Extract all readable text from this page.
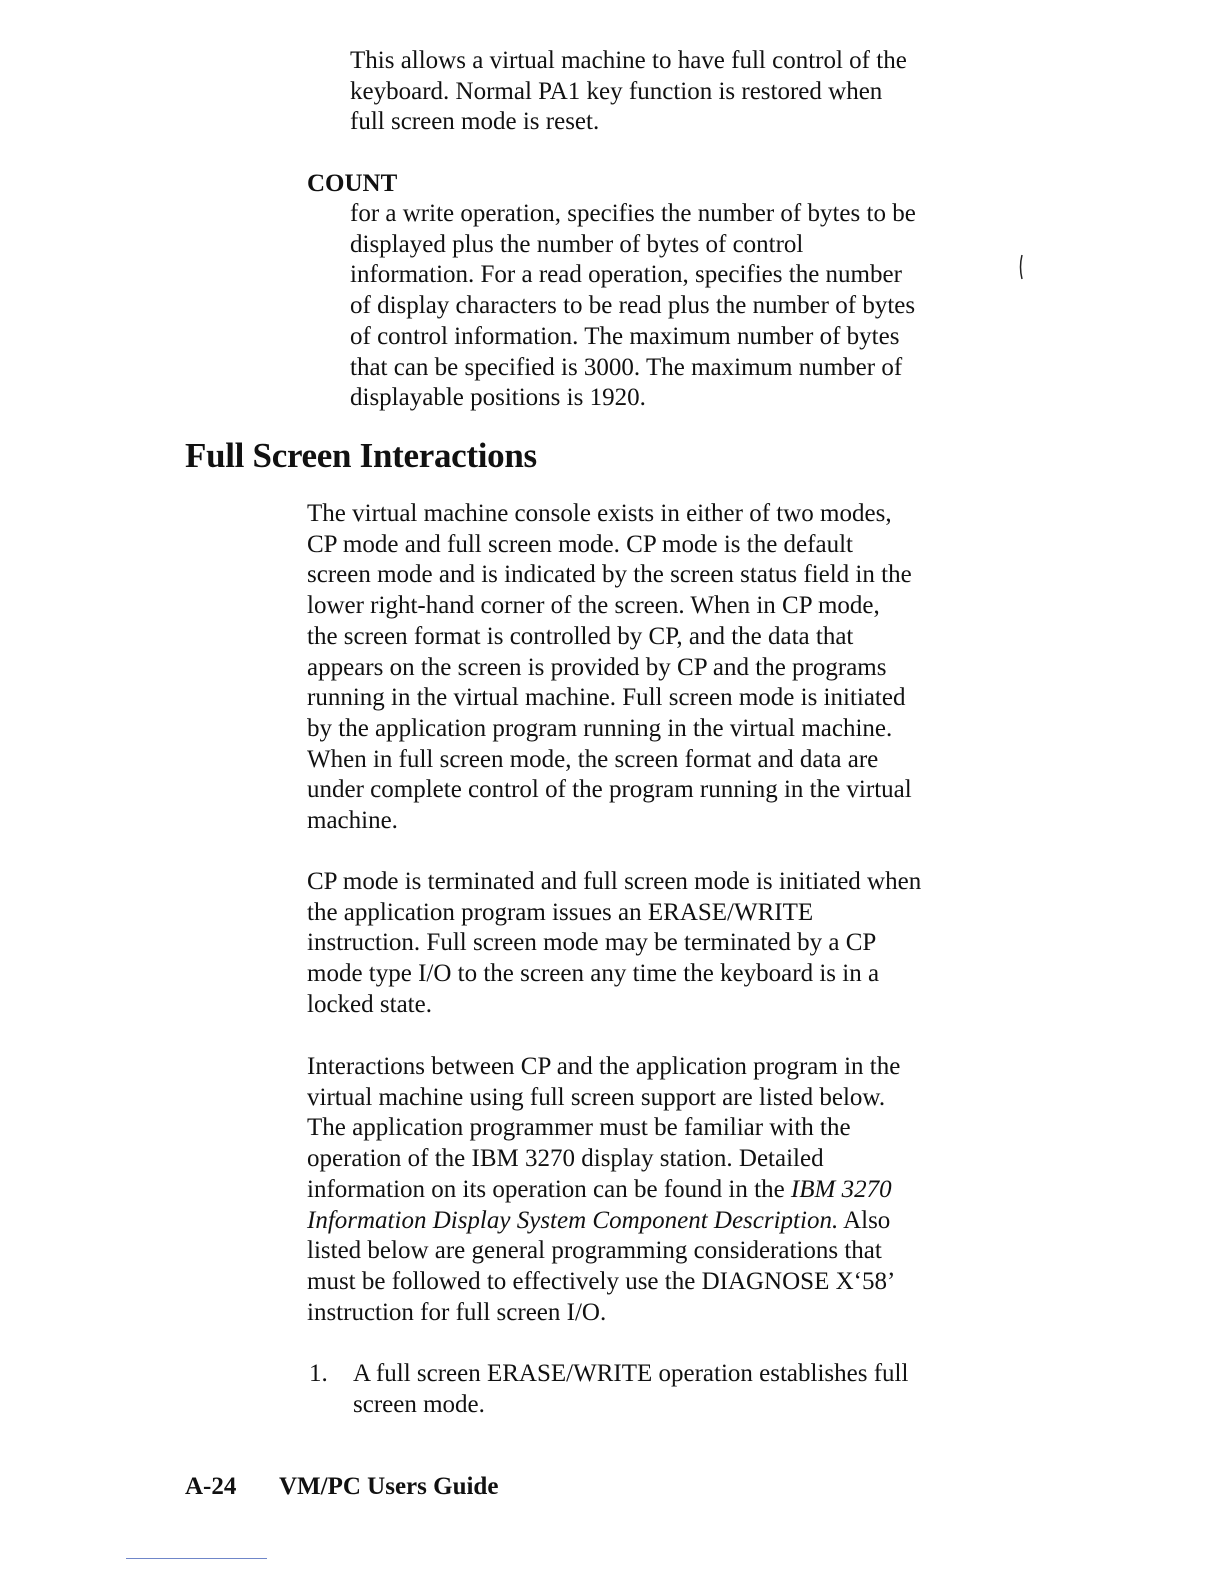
This allows a virtual machine to have full control of the
keyboard. Normal PA1 key function is restored when
full screen mode is reset.

COUNT

for a write operation, specifies the number of bytes to be
displayed plus the number of bytes of control
information. For a read operation, specifies the number
of display characters to be read plus the number of bytes
of control information. The maximum number of bytes
that can be specified is 3000. The maximum number of
displayable positions is 1920.

Full Screen Interactions

The virtual machine console exists in either of two modes,
CP mode and full screen mode. CP mode is the default
screen mode and is indicated by the screen status field in the
lower right-hand corner of the screen. When in CP mode,
the screen format is controlled by CP, and the data that
appears on the screen is provided by CP and the programs
running in the virtual machine. Full screen mode is initiated
by the application program running in the virtual machine.
When in full screen mode, the screen format and data are
under complete control of the program running in the virtual
machine.

CP mode is terminated and full screen mode is initiated when
the application program issues an ERASE/WRITE
instruction. Full screen mode may be terminated by a CP
mode type I/O to the screen any time the keyboard is in a
locked state.

Interactions between CP and the application program in the
virtual machine using full screen support are listed below.
The application programmer must be familiar with the
operation of the IBM 3270 display station. Detailed
information on its operation can be found in the IBM 3270
Information Display System Component Description. Also
listed below are general programming considerations that
must be followed to effectively use the DIAGNOSE X‘58’
instruction for full screen I/O.

1. A full screen ERASE/WRITE operation establishes full
screen mode.

A-24 VM/PC Users Guide
